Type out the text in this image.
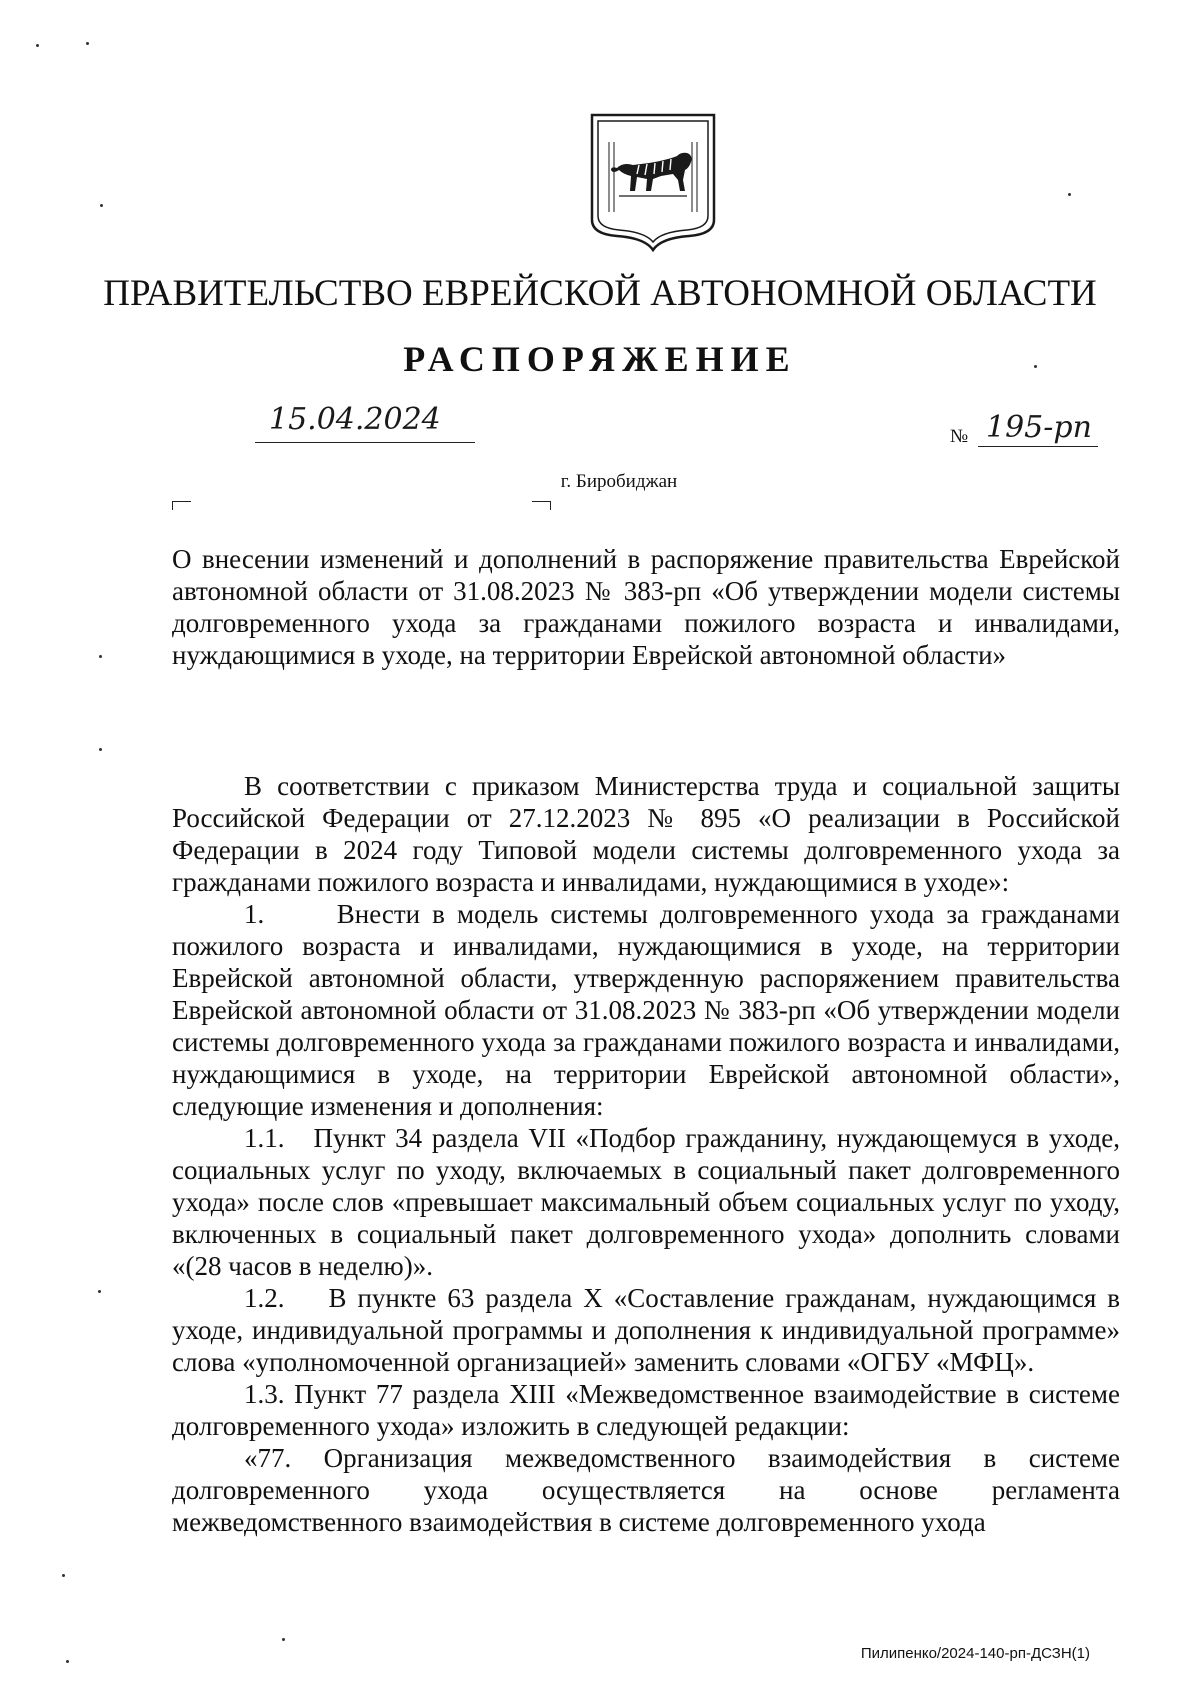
ПРАВИТЕЛЬСТВО ЕВРЕЙСКОЙ АВТОНОМНОЙ ОБЛАСТИ
РАСПОРЯЖЕНИЕ
15.04.2024	№ 195-рп
г. Биробиджан

О внесении изменений и дополнений в распоряжение правительства Еврейской автономной области от 31.08.2023 № 383-рп «Об утверждении модели системы долговременного ухода за гражданами пожилого возраста и инвалидами, нуждающимися в уходе, на территории Еврейской автономной области»

В соответствии с приказом Министерства труда и социальной защиты Российской Федерации от 27.12.2023 № 895 «О реализации в Российской Федерации в 2024 году Типовой модели системы долговременного ухода за гражданами пожилого возраста и инвалидами, нуждающимися в уходе»:

1.      Внести в модель системы долговременного ухода за гражданами пожилого возраста и инвалидами, нуждающимися в уходе, на территории Еврейской автономной области, утвержденную распоряжением правительства Еврейской автономной области от 31.08.2023 № 383-рп «Об утверждении модели системы долговременного ухода за гражданами пожилого возраста и инвалидами, нуждающимися в уходе, на территории Еврейской автономной области», следующие изменения и дополнения:

1.1.   Пункт 34 раздела VII «Подбор гражданину, нуждающемуся в уходе, социальных услуг по уходу, включаемых в социальный пакет долговременного ухода» после слов «превышает максимальный объем социальных услуг по уходу, включенных в социальный пакет долговременного ухода» дополнить словами «(28 часов в неделю)».

1.2.    В пункте 63 раздела X «Составление гражданам, нуждающимся в уходе, индивидуальной программы и дополнения к индивидуальной программе» слова «уполномоченной организацией» заменить словами «ОГБУ «МФЦ».

1.3. Пункт 77 раздела XIII «Межведомственное взаимодействие в системе долговременного ухода» изложить в следующей редакции:

«77. Организация межведомственного взаимодействия в системе долговременного ухода осуществляется на основе регламента межведомственного взаимодействия в системе долговременного ухода

Пилипенко/2024-140-рп-ДСЗН(1)
